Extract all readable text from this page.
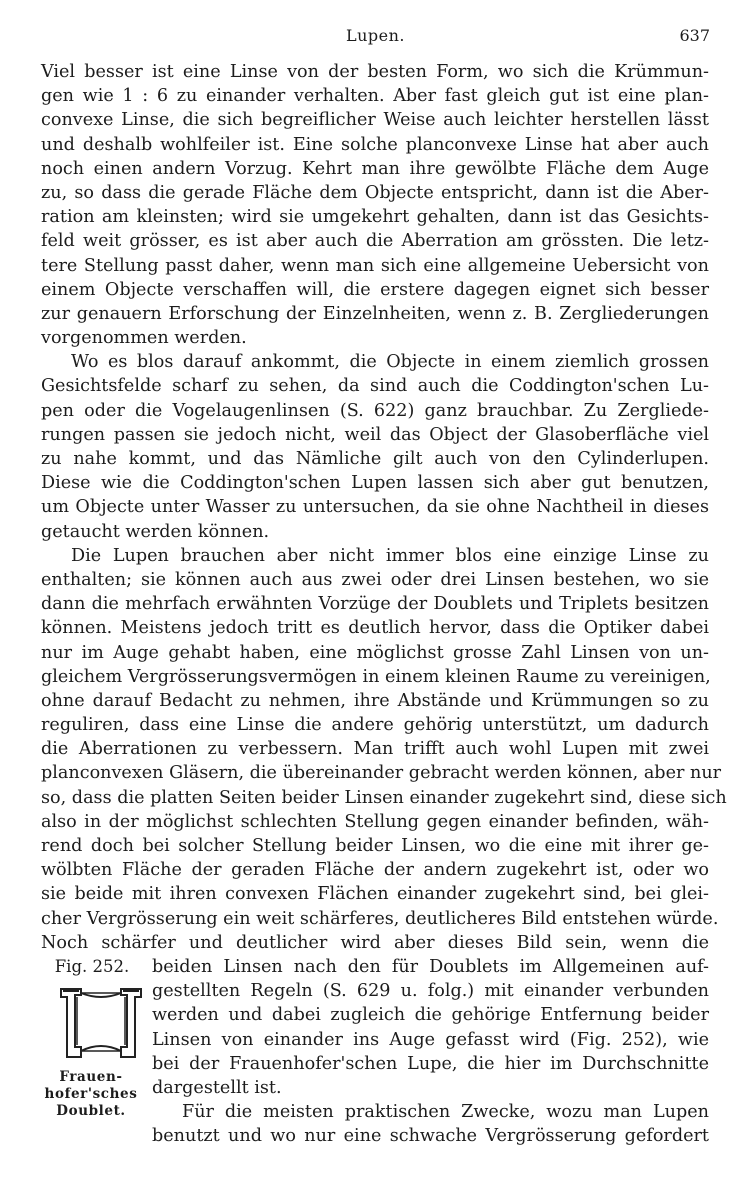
Lupen.	637
Viel besser ist eine Linse von der besten Form, wo sich die Krümmun-
gen wie 1 : 6 zu einander verhalten. Aber fast gleich gut ist eine plan-
convexe Linse, die sich begreiflicher Weise auch leichter herstellen lässt
und deshalb wohlfeiler ist. Eine solche planconvexe Linse hat aber auch
noch einen andern Vorzug. Kehrt man ihre gewölbte Fläche dem Auge
zu, so dass die gerade Fläche dem Objecte entspricht, dann ist die Aber-
ration am kleinsten; wird sie umgekehrt gehalten, dann ist das Gesichts-
feld weit grösser, es ist aber auch die Aberration am grössten. Die letz-
tere Stellung passt daher, wenn man sich eine allgemeine Uebersicht von
einem Objecte verschaffen will, die erstere dagegen eignet sich besser
zur genauern Erforschung der Einzelnheiten, wenn z. B. Zergliederungen
vorgenommen werden.
Wo es blos darauf ankommt, die Objecte in einem ziemlich grossen
Gesichtsfelde scharf zu sehen, da sind auch die Coddington'schen Lu-
pen oder die Vogelaugenlinsen (S. 622) ganz brauchbar. Zu Zergliede-
rungen passen sie jedoch nicht, weil das Object der Glasoberfläche viel
zu nahe kommt, und das Nämliche gilt auch von den Cylinderlupen.
Diese wie die Coddington'schen Lupen lassen sich aber gut benutzen,
um Objecte unter Wasser zu untersuchen, da sie ohne Nachtheil in dieses
getaucht werden können.
Die Lupen brauchen aber nicht immer blos eine einzige Linse zu
enthalten; sie können auch aus zwei oder drei Linsen bestehen, wo sie
dann die mehrfach erwähnten Vorzüge der Doublets und Triplets besitzen
können. Meistens jedoch tritt es deutlich hervor, dass die Optiker dabei
nur im Auge gehabt haben, eine möglichst grosse Zahl Linsen von un-
gleichem Vergrösserungsvermögen in einem kleinen Raume zu vereinigen,
ohne darauf Bedacht zu nehmen, ihre Abstände und Krümmungen so zu
reguliren, dass eine Linse die andere gehörig unterstützt, um dadurch
die Aberrationen zu verbessern. Man trifft auch wohl Lupen mit zwei
planconvexen Gläsern, die übereinander gebracht werden können, aber nur
so, dass die platten Seiten beider Linsen einander zugekehrt sind, diese sich
also in der möglichst schlechten Stellung gegen einander befinden, wäh-
rend doch bei solcher Stellung beider Linsen, wo die eine mit ihrer ge-
wölbten Fläche der geraden Fläche der andern zugekehrt ist, oder wo
sie beide mit ihren convexen Flächen einander zugekehrt sind, bei glei-
cher Vergrösserung ein weit schärferes, deutlicheres Bild entstehen würde.
Noch schärfer und deutlicher wird aber dieses Bild sein, wenn die
Fig. 252.
Frauen-
hofer'sches
Doublet.
beiden Linsen nach den für Doublets im Allgemeinen auf-
gestellten Regeln (S. 629 u. folg.) mit einander verbunden
werden und dabei zugleich die gehörige Entfernung beider
Linsen von einander ins Auge gefasst wird (Fig. 252), wie
bei der Frauenhofer'schen Lupe, die hier im Durchschnitte
dargestellt ist.
Für die meisten praktischen Zwecke, wozu man Lupen
benutzt und wo nur eine schwache Vergrösserung gefordert
